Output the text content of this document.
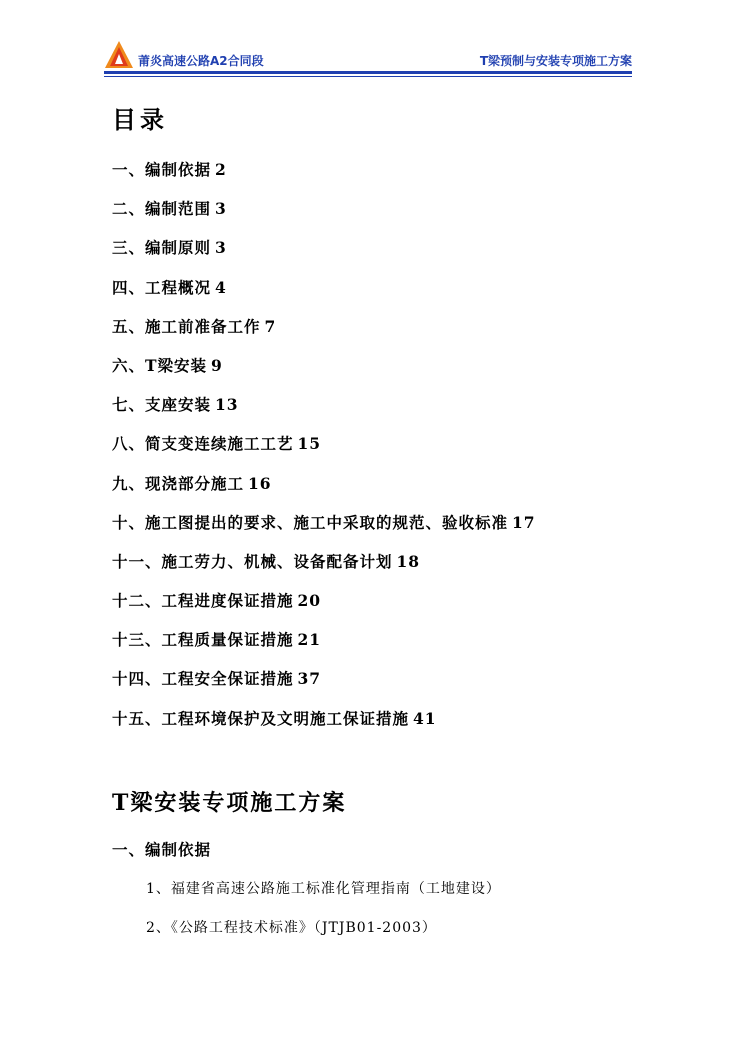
莆炎高速公路A2合同段	T梁预制与安装专项施工方案
目录
一、编制依据 2
二、编制范围 3
三、编制原则 3
四、工程概况 4
五、施工前准备工作 7
六、T梁安装 9
七、支座安装 13
八、简支变连续施工工艺 15
九、现浇部分施工 16
十、施工图提出的要求、施工中采取的规范、验收标准 17
十一、施工劳力、机械、设备配备计划 18
十二、工程进度保证措施 20
十三、工程质量保证措施 21
十四、工程安全保证措施 37
十五、工程环境保护及文明施工保证措施 41
T梁安装专项施工方案
一、编制依据
1、福建省高速公路施工标准化管理指南（工地建设）
2、《公路工程技术标准》（JTJB01-2003）
